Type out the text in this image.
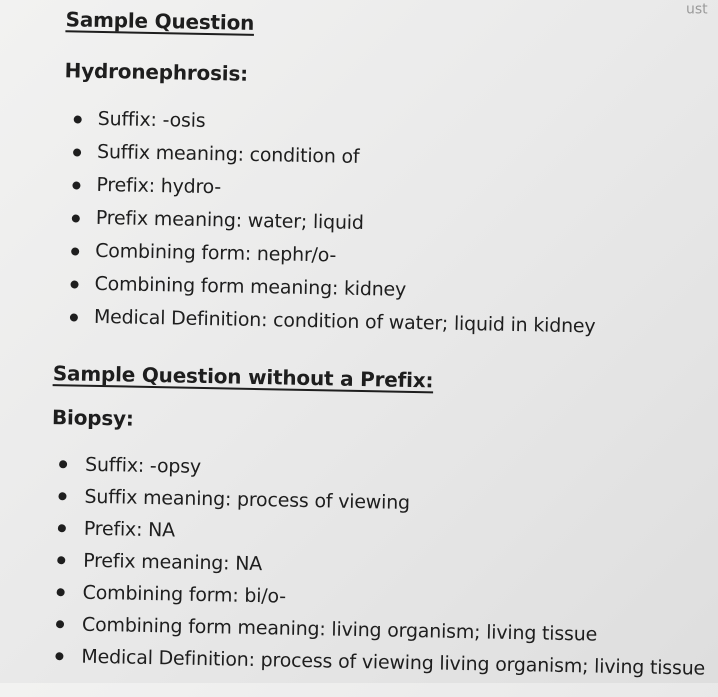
ust
Sample Question
Hydronephrosis:
Suffix: -osis
Suffix meaning: condition of
Prefix: hydro-
Prefix meaning: water; liquid
Combining form: nephr/o-
Combining form meaning: kidney
Medical Definition: condition of water; liquid in kidney
Sample Question without a Prefix:
Biopsy:
Suffix: -opsy
Suffix meaning: process of viewing
Prefix: NA
Prefix meaning: NA
Combining form: bi/o-
Combining form meaning: living organism; living tissue
Medical Definition: process of viewing living organism; living tissue
